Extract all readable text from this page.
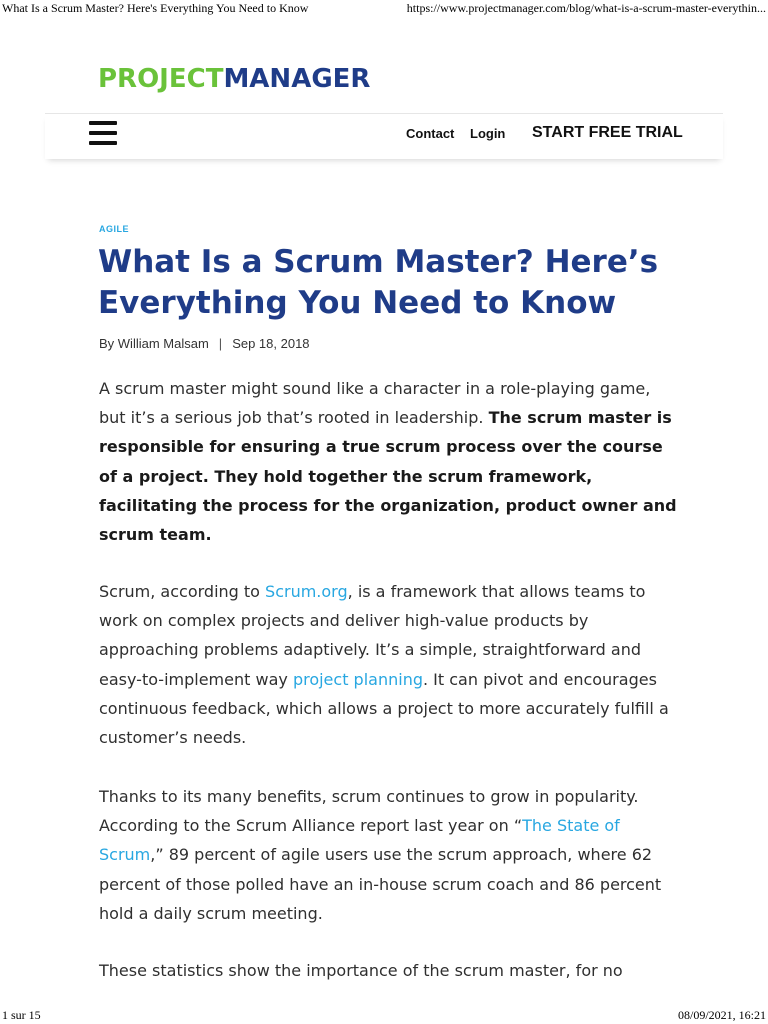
What Is a Scrum Master? Here's Everything You Need to Know	https://www.projectmanager.com/blog/what-is-a-scrum-master-everythin...
PROJECTMANAGER
Contact Login	START FREE TRIAL
AGILE
What Is a Scrum Master? Here’s Everything You Need to Know
By William Malsam | Sep 18, 2018

A scrum master might sound like a character in a role-playing game, but it’s a serious job that’s rooted in leadership. The scrum master is responsible for ensuring a true scrum process over the course of a project. They hold together the scrum framework, facilitating the process for the organization, product owner and scrum team.

Scrum, according to Scrum.org, is a framework that allows teams to work on complex projects and deliver high-value products by approaching problems adaptively. It’s a simple, straightforward and easy-to-implement way project planning. It can pivot and encourages continuous feedback, which allows a project to more accurately fulfill a customer’s needs.

Thanks to its many benefits, scrum continues to grow in popularity. According to the Scrum Alliance report last year on “The State of Scrum,” 89 percent of agile users use the scrum approach, where 62 percent of those polled have an in-house scrum coach and 86 percent hold a daily scrum meeting.

These statistics show the importance of the scrum master, for no

1 sur 15	08/09/2021, 16:21
